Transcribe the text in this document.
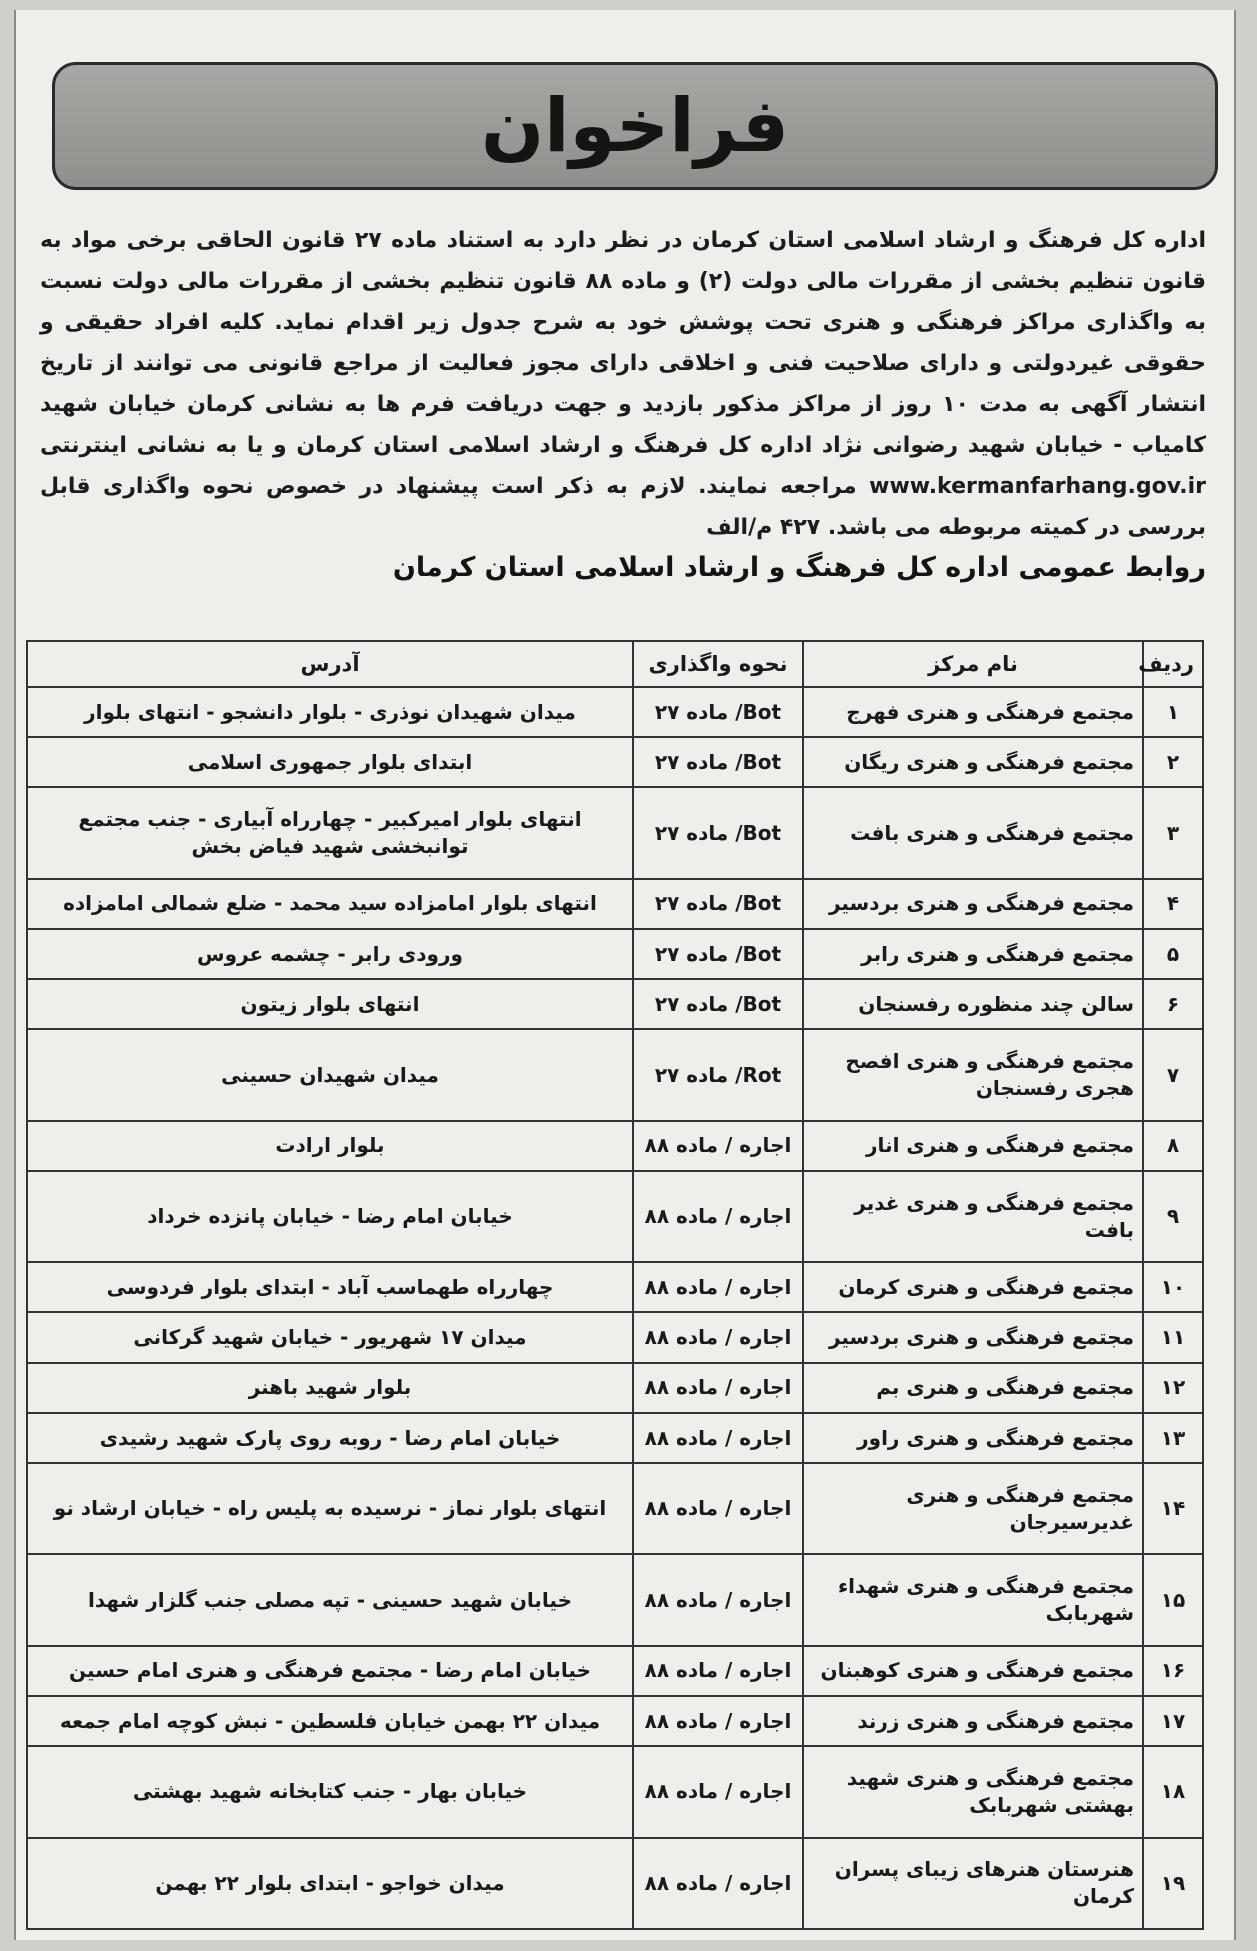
فراخوان
اداره کل فرهنگ و ارشاد اسلامی استان کرمان در نظر دارد به استناد ماده ۲۷ قانون الحاقی برخی مواد به قانون تنظیم بخشی از مقررات مالی دولت (۲) و ماده ۸۸ قانون تنظیم بخشی از مقررات مالی دولت نسبت به واگذاری مراکز فرهنگی و هنری تحت پوشش خود به شرح جدول زیر اقدام نماید. کلیه افراد حقیقی و حقوقی غیردولتی و دارای صلاحیت فنی و اخلاقی دارای مجوز فعالیت از مراجع قانونی می توانند از تاریخ انتشار آگهی به مدت ۱۰ روز از مراکز مذکور بازدید و جهت دریافت فرم ها به نشانی کرمان خیابان شهید کامیاب - خیابان شهید رضوانی نژاد اداره کل فرهنگ و ارشاد اسلامی استان کرمان و یا به نشانی اینترنتی www.kermanfarhang.gov.ir مراجعه نمایند. لازم به ذکر است پیشنهاد در خصوص نحوه واگذاری قابل بررسی در کمیته مربوطه می باشد. ۴۲۷ م/الف
روابط عمومی اداره کل فرهنگ و ارشاد اسلامی استان کرمان
ردیف	نام مرکز	نحوه واگذاری	آدرس
۱	مجتمع فرهنگی و هنری فهرج	Bot/ ماده ۲۷	میدان شهیدان نوذری - بلوار دانشجو - انتهای بلوار
۲	مجتمع فرهنگی و هنری ریگان	Bot/ ماده ۲۷	ابتدای بلوار جمهوری اسلامی
۳	مجتمع فرهنگی و هنری بافت	Bot/ ماده ۲۷	انتهای بلوار امیرکبیر - چهارراه آبیاری - جنب مجتمع توانبخشی شهید فیاض بخش
۴	مجتمع فرهنگی و هنری بردسیر	Bot/ ماده ۲۷	انتهای بلوار امامزاده سید محمد - ضلع شمالی امامزاده
۵	مجتمع فرهنگی و هنری رابر	Bot/ ماده ۲۷	ورودی رابر - چشمه عروس
۶	سالن چند منظوره رفسنجان	Bot/ ماده ۲۷	انتهای بلوار زیتون
۷	مجتمع فرهنگی و هنری افصح هجری رفسنجان	Rot/ ماده ۲۷	میدان شهیدان حسینی
۸	مجتمع فرهنگی و هنری انار	اجاره / ماده ۸۸	بلوار ارادت
۹	مجتمع فرهنگی و هنری غدیر بافت	اجاره / ماده ۸۸	خیابان امام رضا - خیابان پانزده خرداد
۱۰	مجتمع فرهنگی و هنری کرمان	اجاره / ماده ۸۸	چهارراه طهماسب آباد - ابتدای بلوار فردوسی
۱۱	مجتمع فرهنگی و هنری بردسیر	اجاره / ماده ۸۸	میدان ۱۷ شهریور - خیابان شهید گرکانی
۱۲	مجتمع فرهنگی و هنری بم	اجاره / ماده ۸۸	بلوار شهید باهنر
۱۳	مجتمع فرهنگی و هنری راور	اجاره / ماده ۸۸	خیابان امام رضا - روبه روی پارک شهید رشیدی
۱۴	مجتمع فرهنگی و هنری غدیرسیرجان	اجاره / ماده ۸۸	انتهای بلوار نماز - نرسیده به پلیس راه - خیابان ارشاد نو
۱۵	مجتمع فرهنگی و هنری شهداء شهربابک	اجاره / ماده ۸۸	خیابان شهید حسینی - تپه مصلی جنب گلزار شهدا
۱۶	مجتمع فرهنگی و هنری کوهبنان	اجاره / ماده ۸۸	خیابان امام رضا - مجتمع فرهنگی و هنری امام حسین
۱۷	مجتمع فرهنگی و هنری زرند	اجاره / ماده ۸۸	میدان ۲۲ بهمن خیابان فلسطین - نبش کوچه امام جمعه
۱۸	مجتمع فرهنگی و هنری شهید بهشتی شهربابک	اجاره / ماده ۸۸	خیابان بهار - جنب کتابخانه شهید بهشتی
۱۹	هنرستان هنرهای زیبای پسران کرمان	اجاره / ماده ۸۸	میدان خواجو - ابتدای بلوار ۲۲ بهمن
